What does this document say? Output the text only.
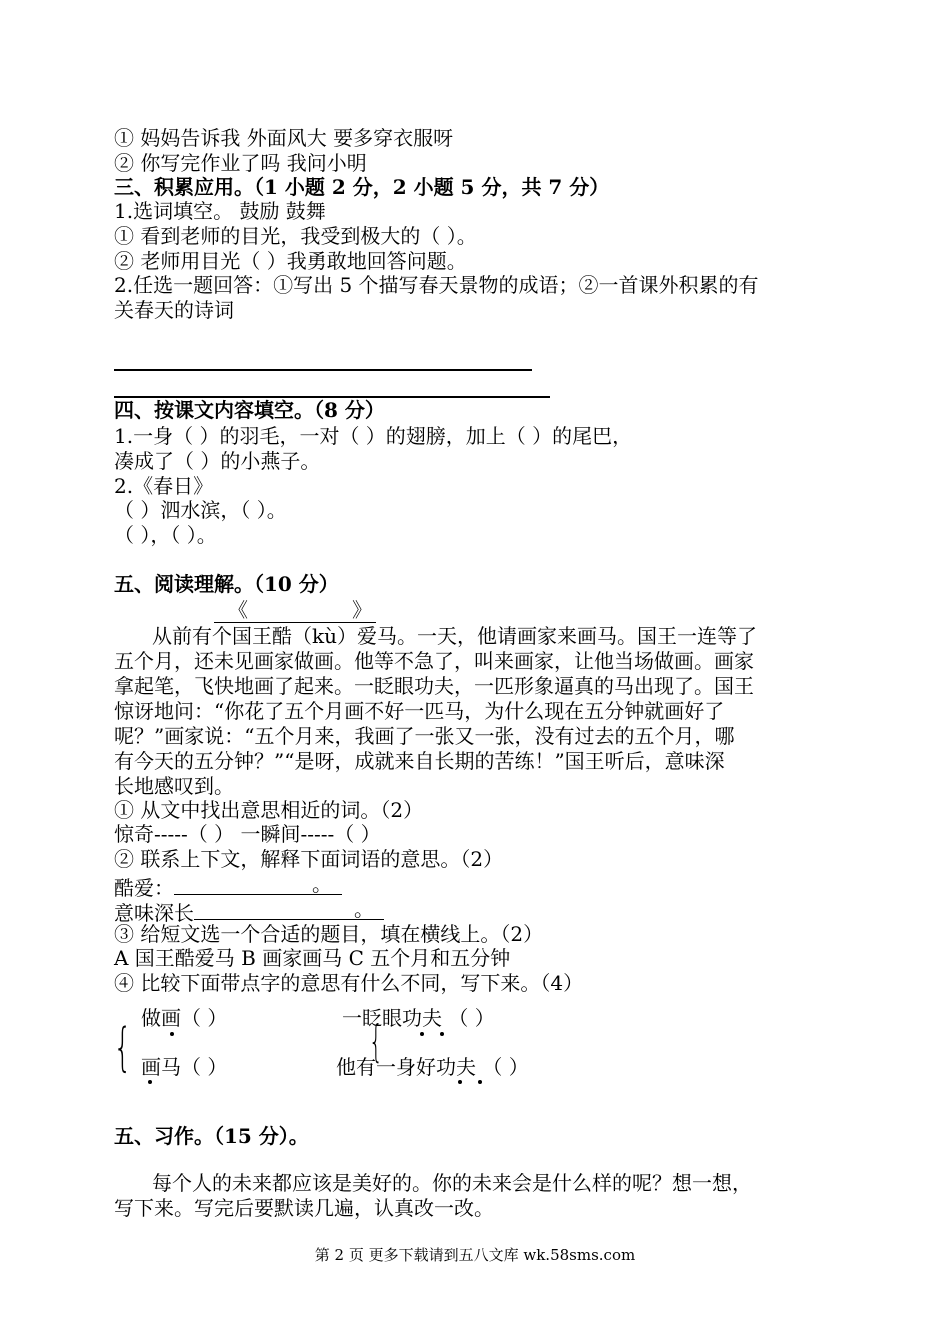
① 妈妈告诉我 外面风大 要多穿衣服呀
② 你写完作业了吗 我问小明
三、积累应用。（1 小题 2 分，2 小题 5 分，共 7 分）
1.选词填空。 鼓励 鼓舞
① 看到老师的目光，我受到极大的（ ）。
② 老师用目光（ ）我勇敢地回答问题。
2.任选一题回答：①写出 5 个描写春天景物的成语；②一首课外积累的有
关春天的诗词
四、按课文内容填空。（8 分）
1.一身（ ）的羽毛，一对（ ）的翅膀，加上（ ）的尾巴，
凑成了（ ）的小燕子。
2.《春日》
（ ）泗水滨，（ ）。
（ ），（ ）。
五、阅读理解。（10 分）
《	》
从前有个国王酷（kù）爱马。一天，他请画家来画马。国王一连等了
五个月，还未见画家做画。他等不急了，叫来画家，让他当场做画。画家
拿起笔，飞快地画了起来。一眨眼功夫，一匹形象逼真的马出现了。国王
惊讶地问：“你花了五个月画不好一匹马，为什么现在五分钟就画好了
呢？”画家说：“五个月来，我画了一张又一张，没有过去的五个月，哪
有今天的五分钟？”“是呀，成就来自长期的苦练！”国王听后，意味深
长地感叹到。
① 从文中找出意思相近的词。（2）
惊奇-----（ ） 一瞬间-----（ ）
② 联系上下文，解释下面词语的意思。（2）
酷爱：	。
意味深长	。
③ 给短文选一个合适的题目，填在横线上。（2）
A 国王酷爱马 B 画家画马 C 五个月和五分钟
④ 比较下面带点字的意思有什么不同，写下来。（4）
{	{
做画（ ）	一眨眼功夫 （ ）
画马（ ）	他有一身好功夫 （ ）
五、习作。（15 分）。
每个人的未来都应该是美好的。你的未来会是什么样的呢？想一想，
写下来。写完后要默读几遍，认真改一改。
第 2 页 更多下载请到五八文库 wk.58sms.com
